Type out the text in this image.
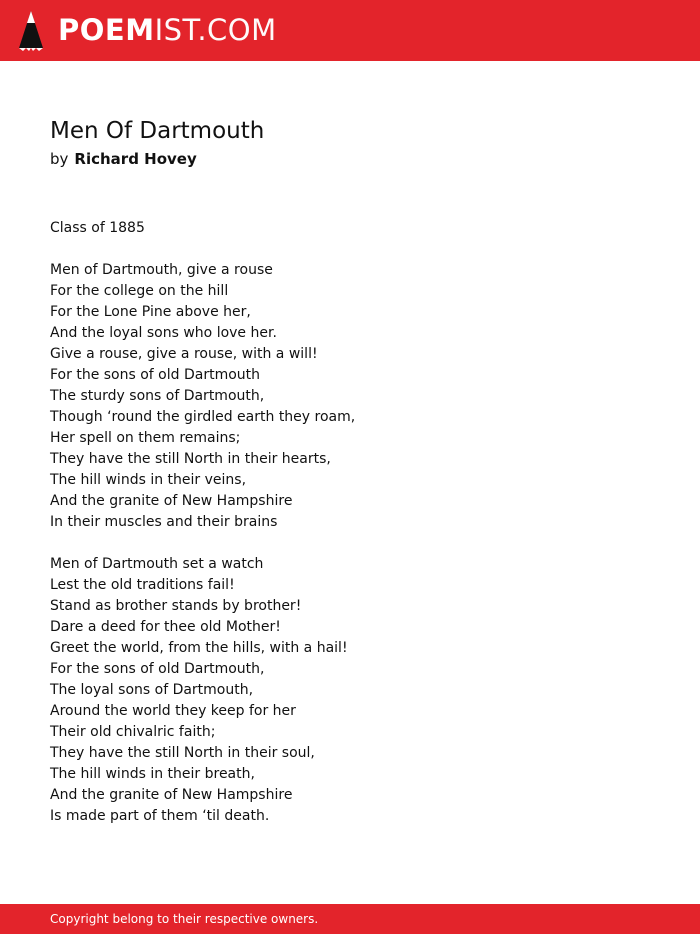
POEMIST.COM
Men Of Dartmouth
by Richard Hovey
Class of 1885
Men of Dartmouth, give a rouse
For the college on the hill
For the Lone Pine above her,
And the loyal sons who love her.
Give a rouse, give a rouse, with a will!
For the sons of old Dartmouth
The sturdy sons of Dartmouth,
Though ‘round the girdled earth they roam,
Her spell on them remains;
They have the still North in their hearts,
The hill winds in their veins,
And the granite of New Hampshire
In their muscles and their brains
Men of Dartmouth set a watch
Lest the old traditions fail!
Stand as brother stands by brother!
Dare a deed for thee old Mother!
Greet the world, from the hills, with a hail!
For the sons of old Dartmouth,
The loyal sons of Dartmouth,
Around the world they keep for her
Their old chivalric faith;
They have the still North in their soul,
The hill winds in their breath,
And the granite of New Hampshire
Is made part of them ‘til death.
Copyright belong to their respective owners.
